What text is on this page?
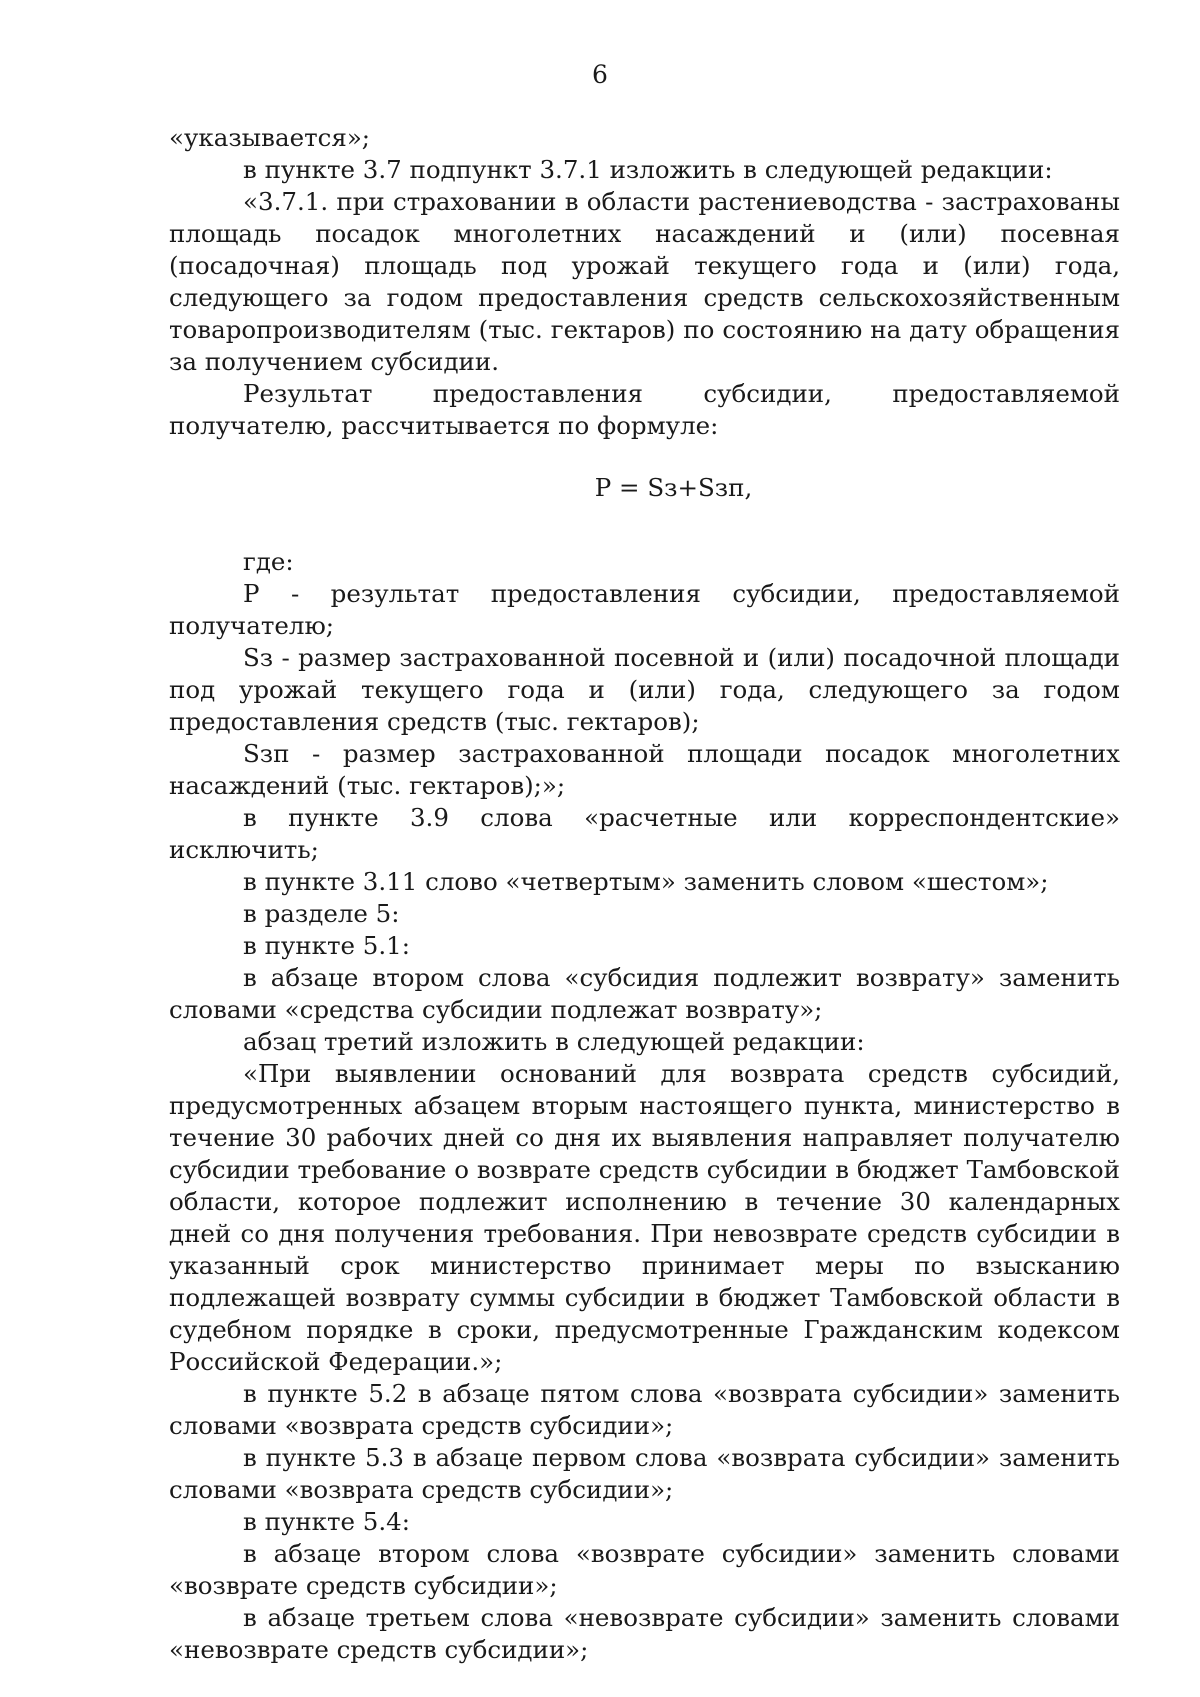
6

«указывается»;

в пункте 3.7 подпункт 3.7.1 изложить в следующей редакции:

«3.7.1. при страховании в области растениеводства - застрахованы площадь посадок многолетних насаждений и (или) посевная (посадочная) площадь под урожай текущего года и (или) года, следующего за годом предоставления средств сельскохозяйственным товаропроизводителям (тыс. гектаров) по состоянию на дату обращения за получением субсидии.

Результат предоставления субсидии, предоставляемой получателю, рассчитывается по формуле:

P = Sз+Sзп,

где:

P - результат предоставления субсидии, предоставляемой получателю;

Sз - размер застрахованной посевной и (или) посадочной площади под урожай текущего года и (или) года, следующего за годом предоставления средств (тыс. гектаров);

Sзп - размер застрахованной площади посадок многолетних насаждений (тыс. гектаров);»;

в пункте 3.9 слова «расчетные или корреспондентские» исключить;

в пункте 3.11 слово «четвертым» заменить словом «шестом»;

в разделе 5:

в пункте 5.1:

в абзаце втором слова «субсидия подлежит возврату» заменить словами «средства субсидии подлежат возврату»;

абзац третий изложить в следующей редакции:

«При выявлении оснований для возврата средств субсидий, предусмотренных абзацем вторым настоящего пункта, министерство в течение 30 рабочих дней со дня их выявления направляет получателю субсидии требование о возврате средств субсидии в бюджет Тамбовской области, которое подлежит исполнению в течение 30 календарных дней со дня получения требования. При невозврате средств субсидии в указанный срок министерство принимает меры по взысканию подлежащей возврату суммы субсидии в бюджет Тамбовской области в судебном порядке в сроки, предусмотренные Гражданским кодексом Российской Федерации.»;

в пункте 5.2 в абзаце пятом слова «возврата субсидии» заменить словами «возврата средств субсидии»;

в пункте 5.3 в абзаце первом слова «возврата субсидии» заменить словами «возврата средств субсидии»;

в пункте 5.4:

в абзаце втором слова «возврате субсидии» заменить словами «возврате средств субсидии»;

в абзаце третьем слова «невозврате субсидии» заменить словами «невозврате средств субсидии»;
